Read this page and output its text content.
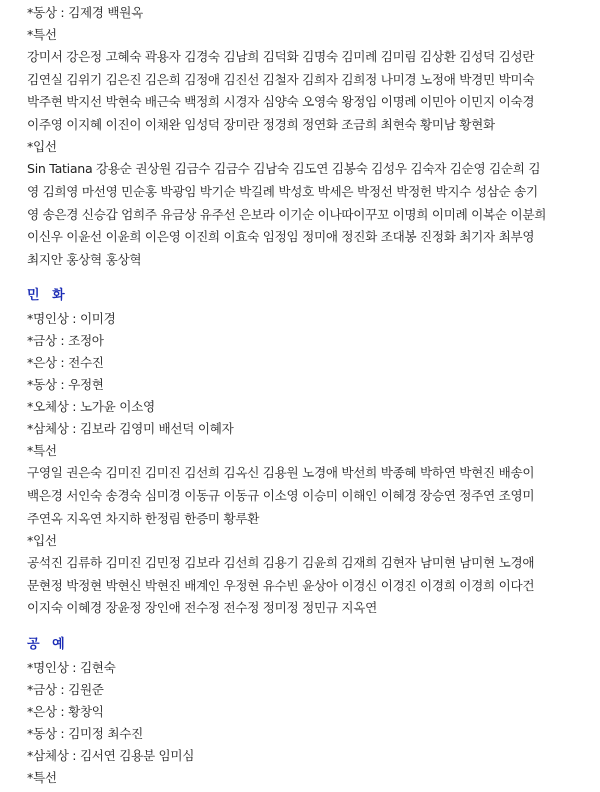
*동상 : 김제경 백원옥
*특선
강미서 강은정 고혜숙 곽용자 김경숙 김남희 김덕화 김명숙 김미례 김미림 김상환 김성덕 김성란 김연실 김위기 김은진 김은희 김정애 김진선 김철자 김희자 김희정 나미경 노정애 박경민 박미숙 박주현 박지선 박현숙 배근숙 백정희 시경자 심양숙 오영숙 왕정임 이명례 이민아 이민지 이숙경 이주영 이지혜 이진이 이채완 임성덕 장미란 정경희 정연화 조금희 최현숙 황미남 황현화
*입선
Sin Tatiana 강용순 권상원 김금수 김금수 김남숙 김도연 김봉숙 김성우 김숙자 김순영 김순희 김 영 김희영 마선영 민순홍 박광임 박기순 박길례 박성호 박세은 박정선 박정헌 박지수 성삼순 송기영 송은경 신승갑 엄희주 유금상 유주선 은보라 이기순 이나따이꾸꼬 이명희 이미례 이복순 이분희 이신우 이윤선 이윤희 이은영 이진희 이효숙 임정임 정미애 정진화 조대봉 진정화 최기자 최부영 최지안 홍상혁 홍상혁
민 화
*명인상 : 이미경
*금상 : 조정아
*은상 : 전수진
*동상 : 우정현
*오체상 : 노가윤 이소영
*삼체상 : 김보라 김영미 배선덕 이혜자
*특선
구영일 권은숙 김미진 김미진 김선희 김옥신 김용원 노경애 박선희 박종혜 박하연 박현진 배송이 백은경 서인숙 송경숙 심미경 이동규 이동규 이소영 이승미 이해인 이혜경 장승연 정주연 조영미 주연옥 지옥연 차지하 한정림 한증미 황루환
*입선
공석진 김류하 김미진 김민정 김보라 김선희 김용기 김윤희 김재희 김현자 남미현 남미현 노경애 문현정 박정현 박현신 박현진 배계인 우정현 유수빈 윤상아 이경신 이경진 이경희 이경희 이다건 이지숙 이혜경 장윤정 장인애 전수정 전수정 정미정 정민규 지옥연
공 예
*명인상 : 김현숙
*금상 : 김원준
*은상 : 황창익
*동상 : 김미정 최수진
*삼체상 : 김서연 김용분 임미심
*특선
